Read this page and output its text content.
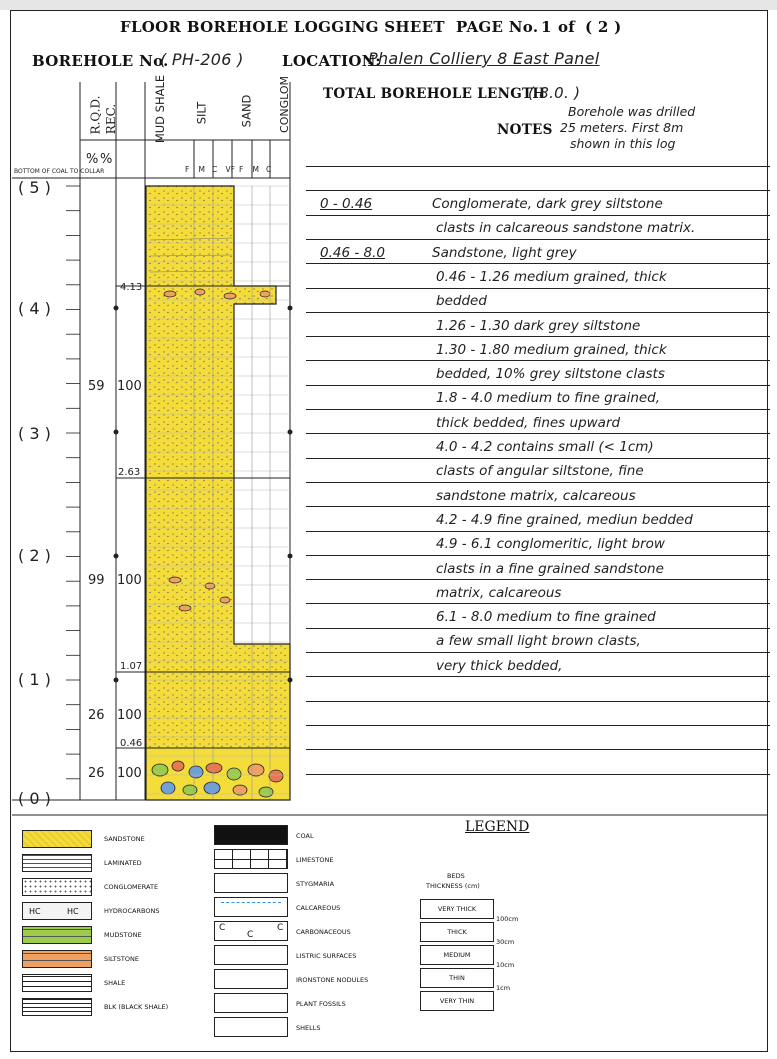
FLOOR BOREHOLE LOGGING SHEET PAGE No. 1 of ( 2 )
BOREHOLE No.
( PH-206 )	LOCATION:
Phalen Colliery 8 East Panel
TOTAL BOREHOLE LENGTH
( 8.0. )
NOTES
Borehole was drilled
25 meters. First 8m
shown in this log
R.Q.D. REC.
% %
MUD SHALE SILT	SAND CONGLOM
F M C VF F M C
BOTTOM OF COAL TO COLLAR
( 5 )
( 4 )
( 3 )
( 2 )
( 1 )
( 0 )
4.13
2.63
1.07
0.46
59 100
99 100
26 100
26 100
0 - 0.46	Conglomerate, dark grey siltstone
clasts in calcareous sandstone matrix.
0.46 - 8.0	Sandstone, light grey
0.46 - 1.26 medium grained, thick
bedded
1.26 - 1.30 dark grey siltstone
1.30 - 1.80 medium grained, thick
bedded, 10% grey siltstone clasts
1.8 - 4.0 medium to fine grained,
thick bedded, fines upward
4.0 - 4.2 contains small (< 1cm)
clasts of angular siltstone, fine
sandstone matrix, calcareous
4.2 - 4.9 fine grained, mediun bedded
4.9 - 6.1 conglomeritic, light brow
clasts in a fine grained sandstone
matrix, calcareous
6.1 - 8.0 medium to fine grained
a few small light brown clasts,
very thick bedded,
LEGEND
SANDSTONE
LAMINATED
CONGLOMERATE
HC	HC	HYDROCARBONS
MUDSTONE
SILTSTONE
SHALE
BLK (BLACK SHALE)
COAL
LIMESTONE
STYGMARIA
CALCAREOUS
C	C
C	CARBONACEOUS
LISTRIC SURFACES
IRONSTONE NODULES
PLANT FOSSILS
SHELLS
BEDS
THICKNESS (cm)
VERY THICK
THICK
MEDIUM
THIN
VERY THIN
100cm
30cm
10cm
1cm
